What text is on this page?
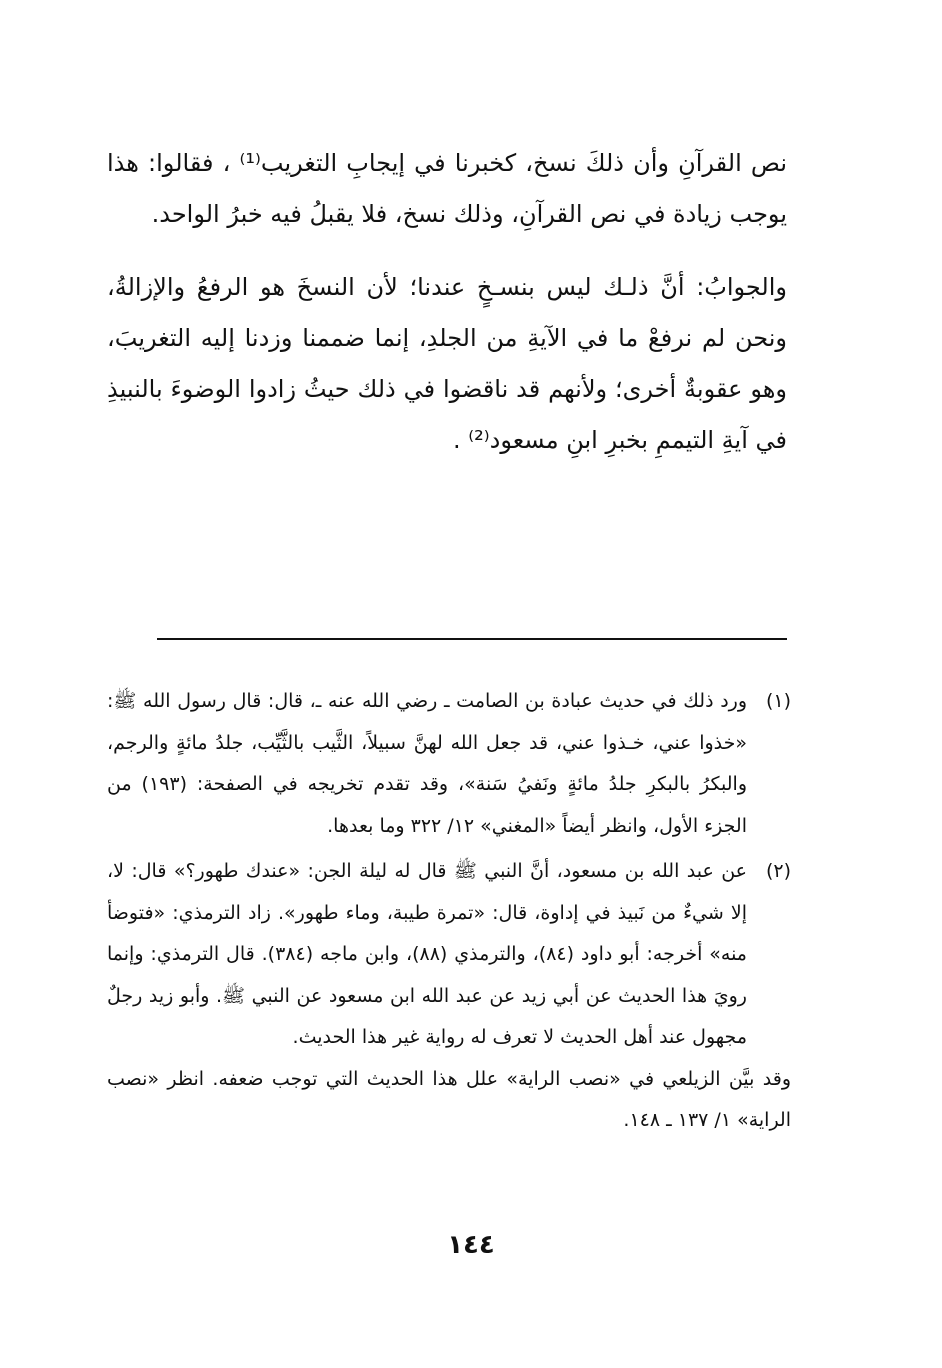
نص القرآنِ وأن ذلكَ نسخ، كخبرنا في إيجابِ التغريب⁽¹⁾ ، فقالوا: هذا يوجب زيادة في نص القرآنِ، وذلك نسخ، فلا يقبلُ فيه خبرُ الواحد.

والجوابُ: أنَّ ذلـك ليس بنسـخٍ عندنا؛ لأن النسخَ هو الرفعُ والإزالةُ، ونحن لم نرفعْ ما في الآيةِ من الجلدِ، إنما ضممنا وزدنا إليه التغريبَ، وهو عقوبةٌ أخرى؛ ولأنهم قد ناقضوا في ذلك حيثُ زادوا الوضوءَ بالنبيذِ في آيةِ التيممِ بخبرِ ابنِ مسعود⁽²⁾ .

(١)
ورد ذلك في حديث عبادة بن الصامت ـ رضي الله عنه ـ، قال: قال رسول الله ﷺ: «خذوا عني، خـذوا عني، قد جعل الله لهنَّ سبيلاً، الثَّيب بالثَّيِّب، جلدُ مائةٍ والرجم، والبكرُ بالبكرِ جلدُ مائةٍ ونَفيُ سَنة»، وقد تقدم تخريجه في الصفحة: (١٩٣) من الجزء الأول، وانظر أيضاً «المغني» ١٢/ ٣٢٢ وما بعدها.
(٢)
عن عبد الله بن مسعود، أنَّ النبي ﷺ قال له ليلة الجن: «عندك طهور؟» قال: لا، إلا شيءٌ من نَبيذ في إداوة، قال: «تمرة طيبة، وماء طهور». زاد الترمذي: «فتوضأ منه» أخرجه: أبو داود (٨٤)، والترمذي (٨٨)، وابن ماجه (٣٨٤). قال الترمذي: وإنما رويَ هذا الحديث عن أبي زيد عن عبد الله ابن مسعود عن النبي ﷺ. وأبو زيد رجلٌ مجهول عند أهل الحديث لا تعرف له رواية غير هذا الحديث.
وقد بيَّن الزيلعي في «نصب الراية» علل هذا الحديث التي توجب ضعفه. انظر «نصب الراية» ١/ ١٣٧ ـ ١٤٨.
١٤٤
